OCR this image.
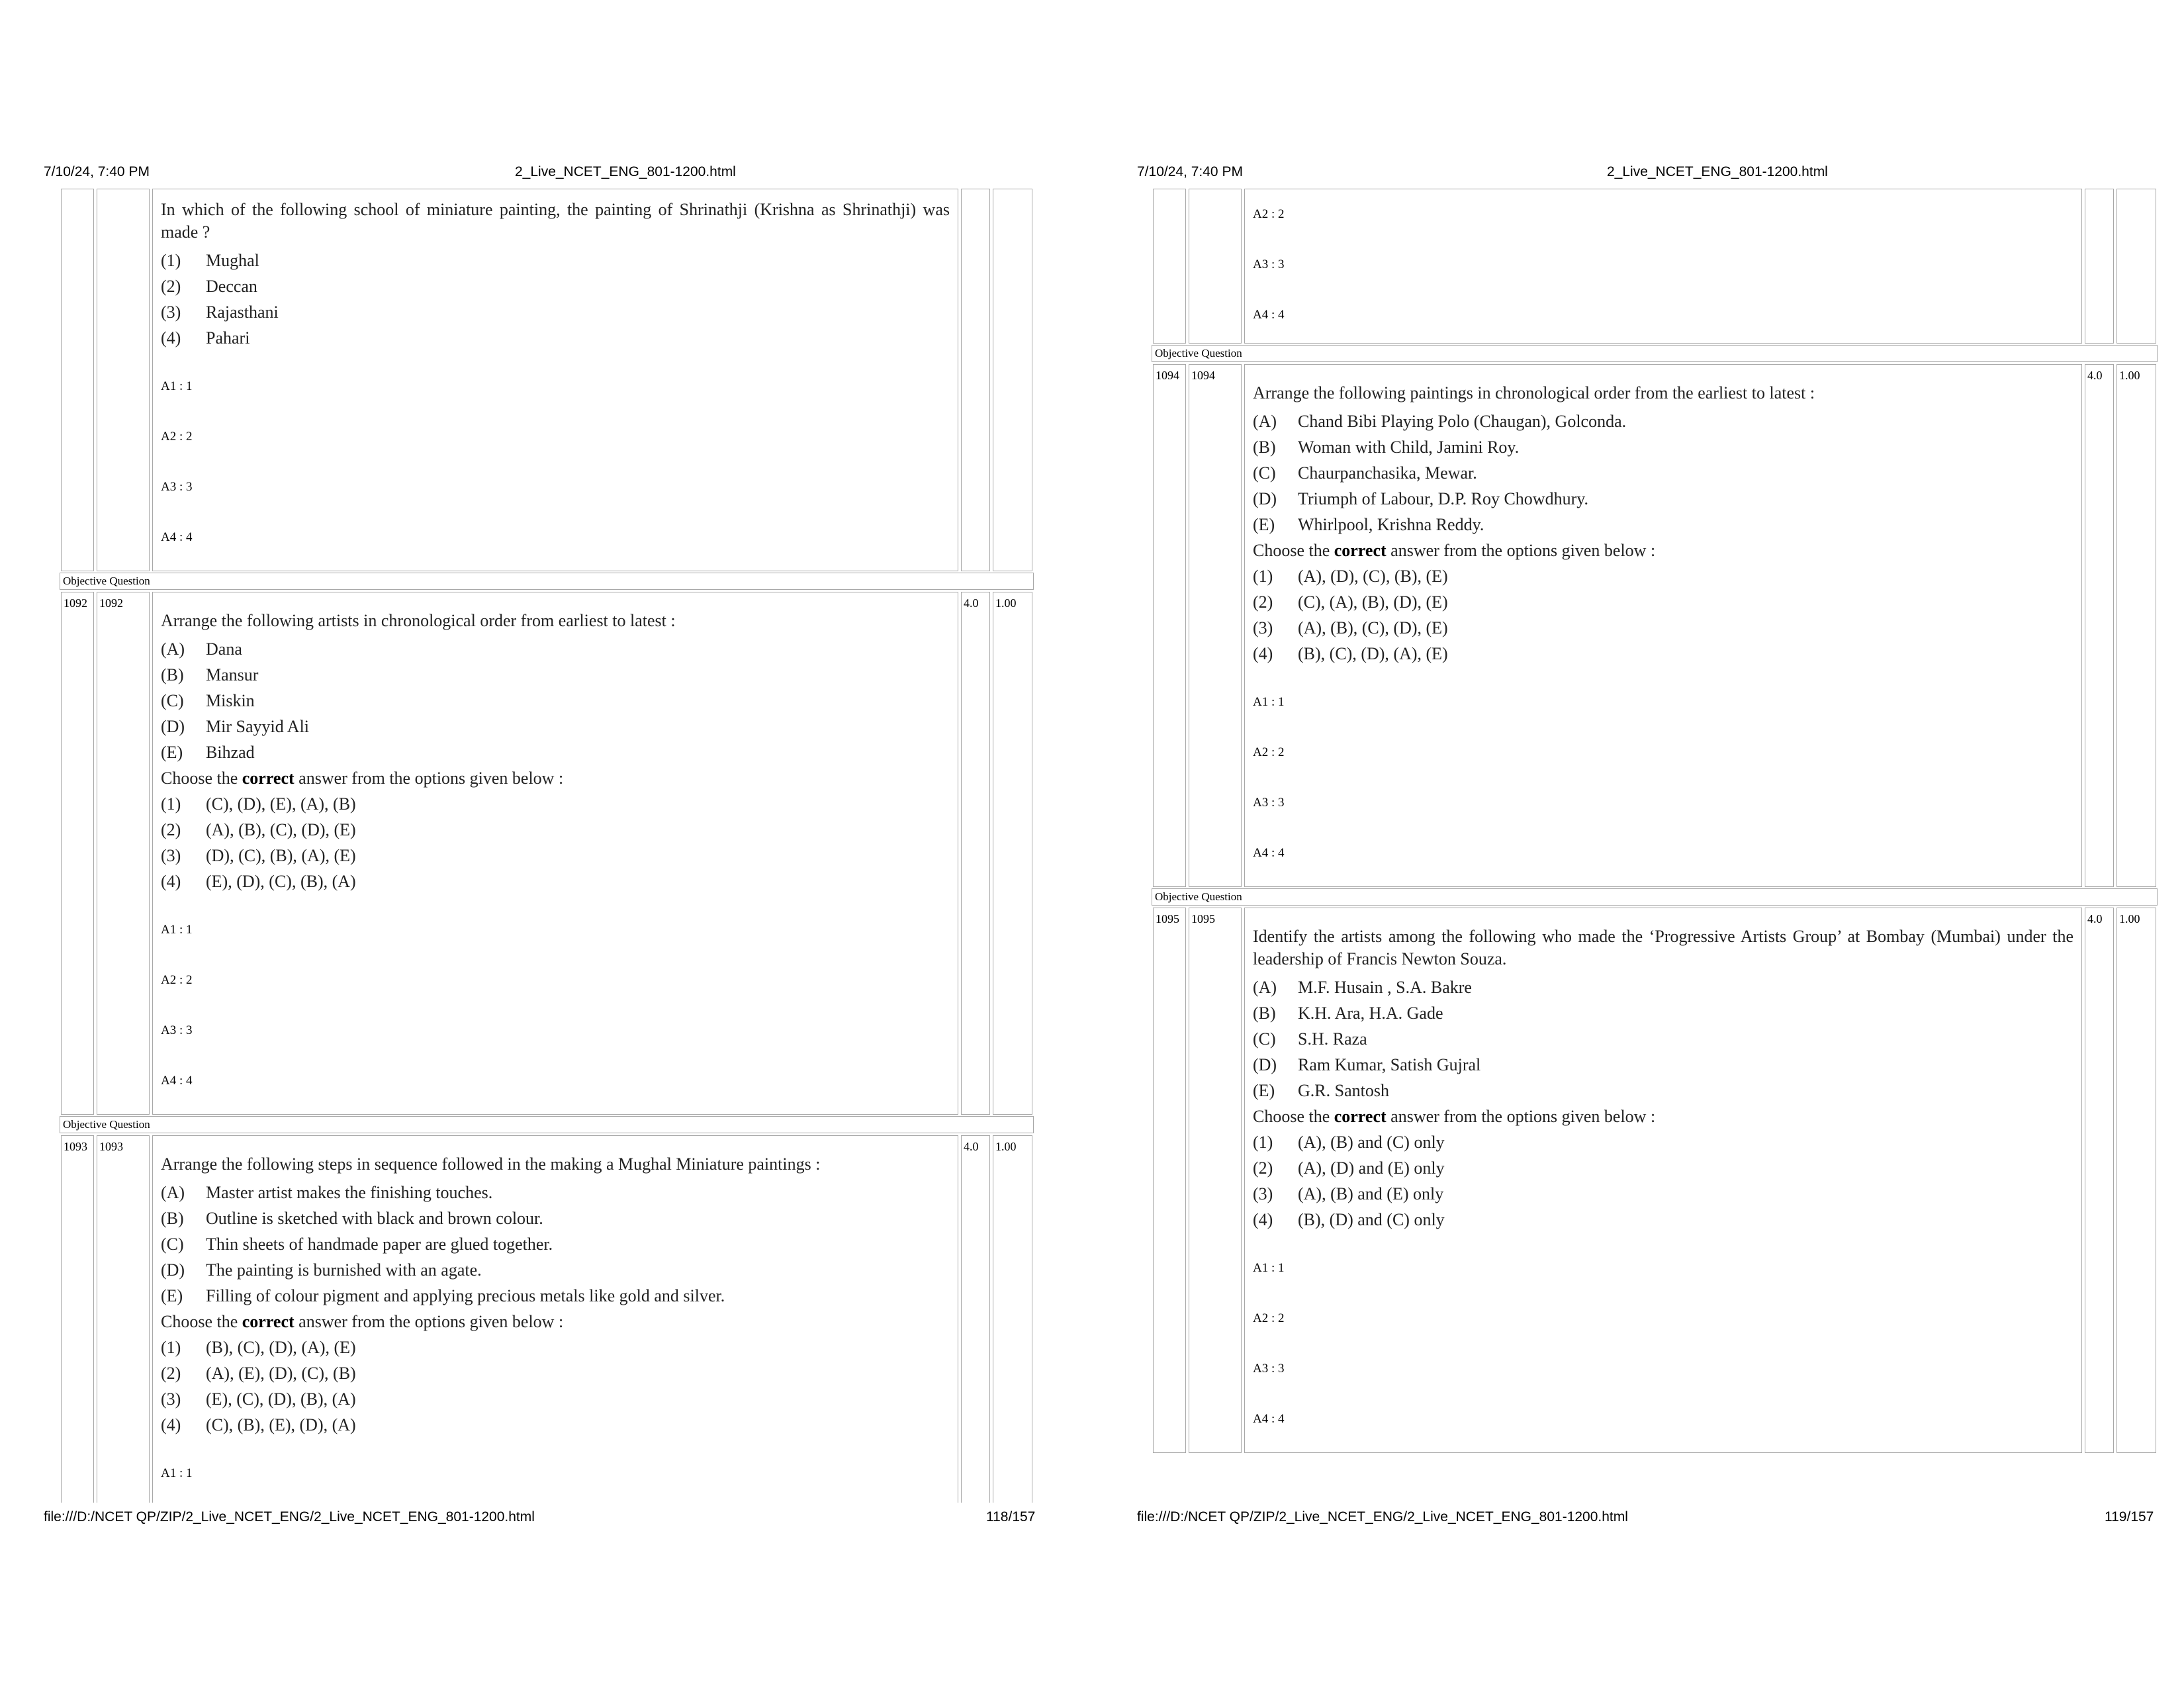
7/10/24, 7:40 PM	2_Live_NCET_ENG_801-1200.html
In which of the following school of miniature painting, the painting of Shrinathji (Krishna as Shrinathji) was made ?
(1)	Mughal
(2)	Deccan
(3)	Rajasthani
(4)	Pahari
A1 : 1
A2 : 2
A3 : 3
A4 : 4
Objective Question
1092	1092
Arrange the following artists in chronological order from earliest to latest :
(A)	Dana
(B)	Mansur
(C)	Miskin
(D)	Mir Sayyid Ali
(E)	Bihzad
Choose the correct answer from the options given below :
(1)	(C), (D), (E), (A), (B)
(2)	(A), (B), (C), (D), (E)
(3)	(D), (C), (B), (A), (E)
(4)	(E), (D), (C), (B), (A)
A1 : 1
A2 : 2
A3 : 3
A4 : 4
4.0	1.00
Objective Question
1093	1093
Arrange the following steps in sequence followed in the making a Mughal Miniature paintings :
(A)	Master artist makes the finishing touches.
(B)	Outline is sketched with black and brown colour.
(C)	Thin sheets of handmade paper are glued together.
(D)	The painting is burnished with an agate.
(E)	Filling of colour pigment and applying precious metals like gold and silver.
Choose the correct answer from the options given below :
(1)	(B), (C), (D), (A), (E)
(2)	(A), (E), (D), (C), (B)
(3)	(E), (C), (D), (B), (A)
(4)	(C), (B), (E), (D), (A)
A1 : 1
4.0	1.00
file:///D:/NCET QP/ZIP/2_Live_NCET_ENG/2_Live_NCET_ENG_801-1200.html	118/157
7/10/24, 7:40 PM	2_Live_NCET_ENG_801-1200.html
A2 : 2
A3 : 3
A4 : 4
Objective Question
1094	1094
Arrange the following paintings in chronological order from the earliest to latest :
(A)	Chand Bibi Playing Polo (Chaugan), Golconda.
(B)	Woman with Child, Jamini Roy.
(C)	Chaurpanchasika, Mewar.
(D)	Triumph of Labour, D.P. Roy Chowdhury.
(E)	Whirlpool, Krishna Reddy.
Choose the correct answer from the options given below :
(1)	(A), (D), (C), (B), (E)
(2)	(C), (A), (B), (D), (E)
(3)	(A), (B), (C), (D), (E)
(4)	(B), (C), (D), (A), (E)
A1 : 1
A2 : 2
A3 : 3
A4 : 4
4.0	1.00
Objective Question
1095	1095
Identify the artists among the following who made the ‘Progressive Artists Group’ at Bombay (Mumbai) under the leadership of Francis Newton Souza.
(A)	M.F. Husain , S.A. Bakre
(B)	K.H. Ara, H.A. Gade
(C)	S.H. Raza
(D)	Ram Kumar, Satish Gujral
(E)	G.R. Santosh
Choose the correct answer from the options given below :
(1)	(A), (B) and (C) only
(2)	(A), (D) and (E) only
(3)	(A), (B) and (E) only
(4)	(B), (D) and (C) only
A1 : 1
A2 : 2
A3 : 3
A4 : 4
4.0	1.00
file:///D:/NCET QP/ZIP/2_Live_NCET_ENG/2_Live_NCET_ENG_801-1200.html	119/157
